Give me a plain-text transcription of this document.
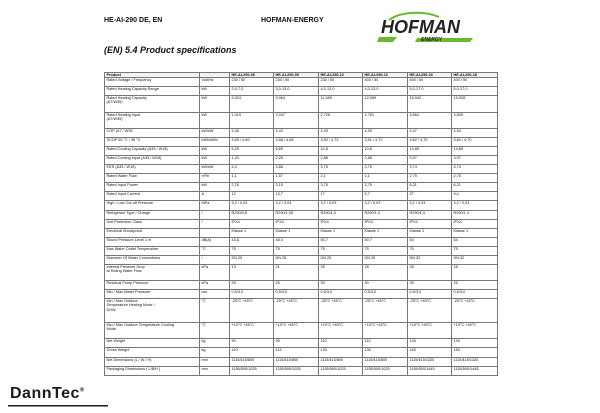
HE-AI-290 DE, EN	HOFMAN-ENERGY	HOFMAN
ENERGY
(EN) 5.4 Product specifications
Product		HE-AI-290-06	HE-AI-290-09	HE-AI-290-12	HE-AI-290-12	HE-AI-290-16	HE-AI-290-18
Rated Voltage / Frequency	Volt/Hz	230 / 50	230 / 50	230 / 50	400 / 50	400 / 50	400 / 50
Rated Heating Capacity Range	kW	2,0-7,0	3,0-13,0	4,0-13,0	4,0-13,0	5,0-17,0	5,0-17,0
Rated Heating Capacity
(A7/W35)	kW	6,324	9,064	11,989	12,089	15,942	15,928
Rated Heating Input
(A7/W35)	kW	1,419	2,047	2,726	2,751	3,564	3,509
COP (A7 / W35	kW/kW	4,46	4,43	4,40	4,39	4,47	4,54
SCOP 55 °C / 35 °C	kWh/kWh	3,55 / 4,69	3,58 / 4,65	3,52 / 4,72	3,51 / 4,72	3,62 / 4,70	3,60 / 4,70
Rated Cooling Capacity (A35 / W18)	kW	6,25	8,65	10,8	10,8	14,85	14,85
Rated Cooling Input (A35 / W18)	kW	1,42	2,28	2,88	2,88	3,97	3,97
EER (A35 / W18)	kW/kW	4,4	3,88	3,75	3,75	3,74	3,74
Rated Water Flow	m³/h	1,1	1,57	2,1	2,1	2,75	2,75
Rated Input Power	kW	2,76	3,15	3,75	3,75	6,21	6,21
Rated Input Current	A	12	13,7	17	5,7	27	9,4
High / Low Cut-off Pressure	MPa	3,2 / 0,03	3,2 / 0,03	3,2 / 0,03	3,2 / 0,03	3,2 / 0,03	3,2 / 0,03
Refrigerant Type / Charge	/	R290/0,8	R290/1,05	R290/1,4	R290/1,4	R290/1,4	R290/1,4
Unit Protection Class	/	IPX4	IPX4	IPX4	IPX4	IPX4	IPX4
Electrical Shockproof		Klasse 1	Klasse 1	Klasse 1	Klasse 1	Klasse 1	Klasse 1
Sound Pressure Level 1 m	dB(A)	43,6	48,4	50,7	50,7	54	54
Max Water Outlet Temperature	°C	75	75	75	75	75	75
Diameter Of Water Connections	/	DN 25	DN 25	DN 25	DN 25	DN 32	DN 32
Internal Pressure Drop
at Rating Water Flow	kPa	13	21	28	28	28	28
Residual Pump Pressure	kPa	25	25	30	30	25	25
Min / Max Water Pressure	bar	0,5/3,0	0,5/3,0	0,5/3,0	0,5/3,0	0,5/3,0	0,5/3,0
Min / Max Outdoor
Temperature Heating Mode /
DHW	°C	-25°C +45°C	-25°C +45°C	-25°C +45°C	-25°C +45°C	-25°C +45°C	-25°C +45°C
Min / Max Outdoor Temperature Cooling
Mode	°C	+10°C +45°C	+10°C +45°C	+10°C +45°C	+10°C +45°C	+10°C +45°C	+10°C +45°C
Net Weight	kg	90	95	110	110	140	140
Gross Weight	kg	110	115	130	130	160	160
Net Dimensions (L / W / H)	mm	1115/415/800	1115/415/800	1115/415/800	1115/415/800	1115/415/1320	1115/415/1320
Packaging Dimensions ( L/B/H )	mm	1155/500/1025	1155/500/1025	1155/500/1025	1155/500/1025	1155/500/1445	1155/500/1445
DannTec®
